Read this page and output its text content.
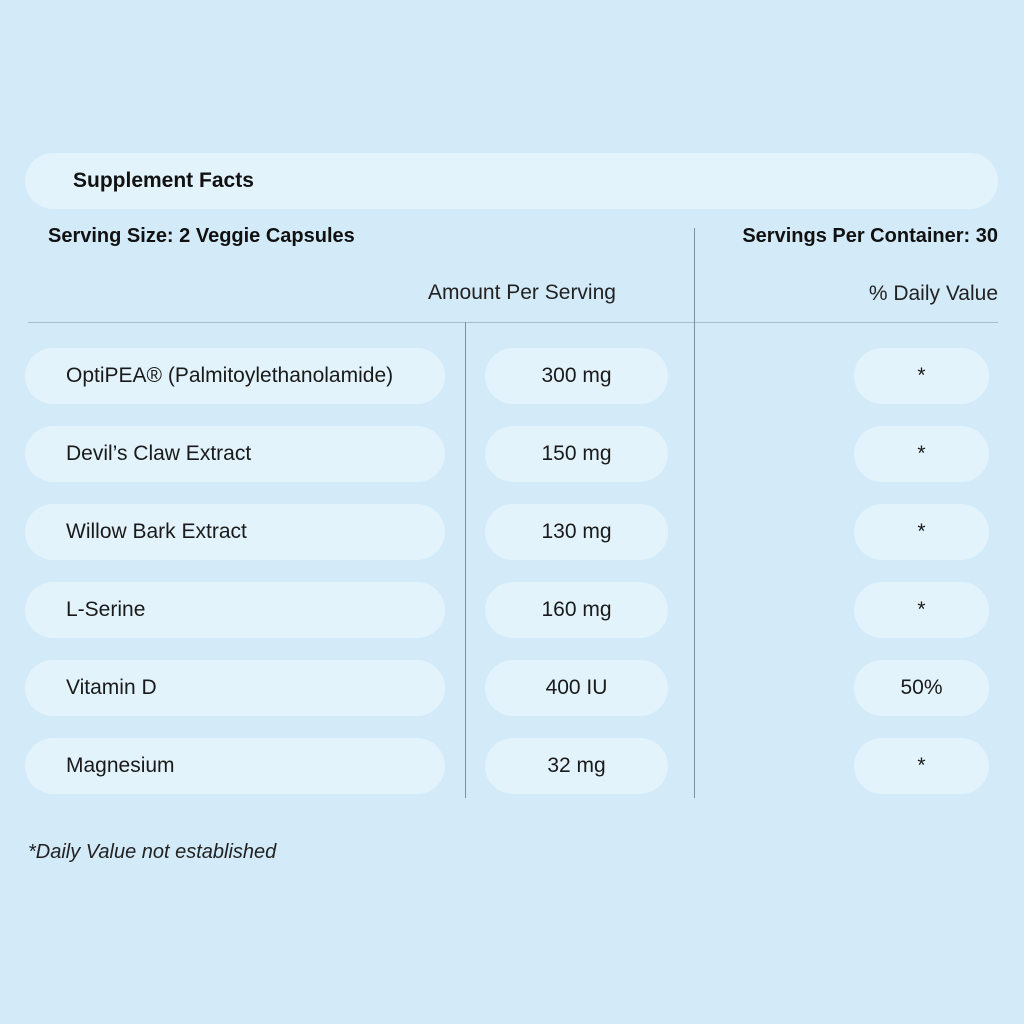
Supplement Facts
Serving Size: 2 Veggie Capsules	Servings Per Container: 30
Amount Per Serving	% Daily Value
OptiPEA® (Palmitoylethanolamide)	300 mg	*
Devil’s Claw Extract	150 mg	*
Willow Bark Extract	130 mg	*
L-Serine	160 mg	*
Vitamin D	400 IU	50%
Magnesium	32 mg	*
*Daily Value not established
